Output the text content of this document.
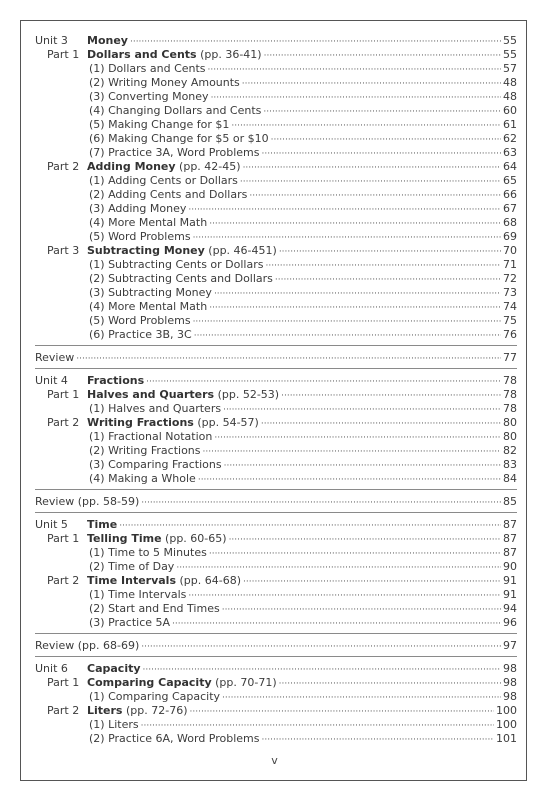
Unit 3	Money ·····	55
Part 1 Dollars and Cents (pp. 36-41) ·····	55
(1) Dollars and Cents ·····	57
(2) Writing Money Amounts ·····	48
(3) Converting Money ·····	48
(4) Changing Dollars and Cents ·····	60
(5) Making Change for $1 ·····	61
(6) Making Change for $5 or $10 ·····	62
(7) Practice 3A, Word Problems ·····	63
Part 2 Adding Money (pp. 42-45) ·····	64
(1) Adding Cents or Dollars ·····	65
(2) Adding Cents and Dollars ·····	66
(3) Adding Money ·····	67
(4) More Mental Math ·····	68
(5) Word Problems ·····	69
Part 3 Subtracting Money (pp. 46-451) ·····	70
(1) Subtracting Cents or Dollars ·····	71
(2) Subtracting Cents and Dollars ·····	72
(3) Subtracting Money ·····	73
(4) More Mental Math ·····	74
(5) Word Problems ·····	75
(6) Practice 3B, 3C ·····	76
Review ·····	77
Unit 4	Fractions ·····	78
Part 1 Halves and Quarters (pp. 52-53) ·····	78
(1) Halves and Quarters ·····	78
Part 2 Writing Fractions (pp. 54-57) ·····	80
(1) Fractional Notation ·····	80
(2) Writing Fractions ·····	82
(3) Comparing Fractions ·····	83
(4) Making a Whole ·····	84
Review (pp. 58-59) ·····	85
Unit 5	Time ·····	87
Part 1 Telling Time (pp. 60-65) ·····	87
(1) Time to 5 Minutes ·····	87
(2) Time of Day ·····	90
Part 2 Time Intervals (pp. 64-68) ·····	91
(1) Time Intervals ·····	91
(2) Start and End Times ·····	94
(3) Practice 5A ·····	96
Review (pp. 68-69) ·····	97
Unit 6	Capacity ·····	98
Part 1 Comparing Capacity (pp. 70-71) ·····	98
(1) Comparing Capacity ·····	98
Part 2 Liters (pp. 72-76) ·····	100
(1) Liters ·····	100
(2) Practice 6A, Word Problems ·····	101
v
